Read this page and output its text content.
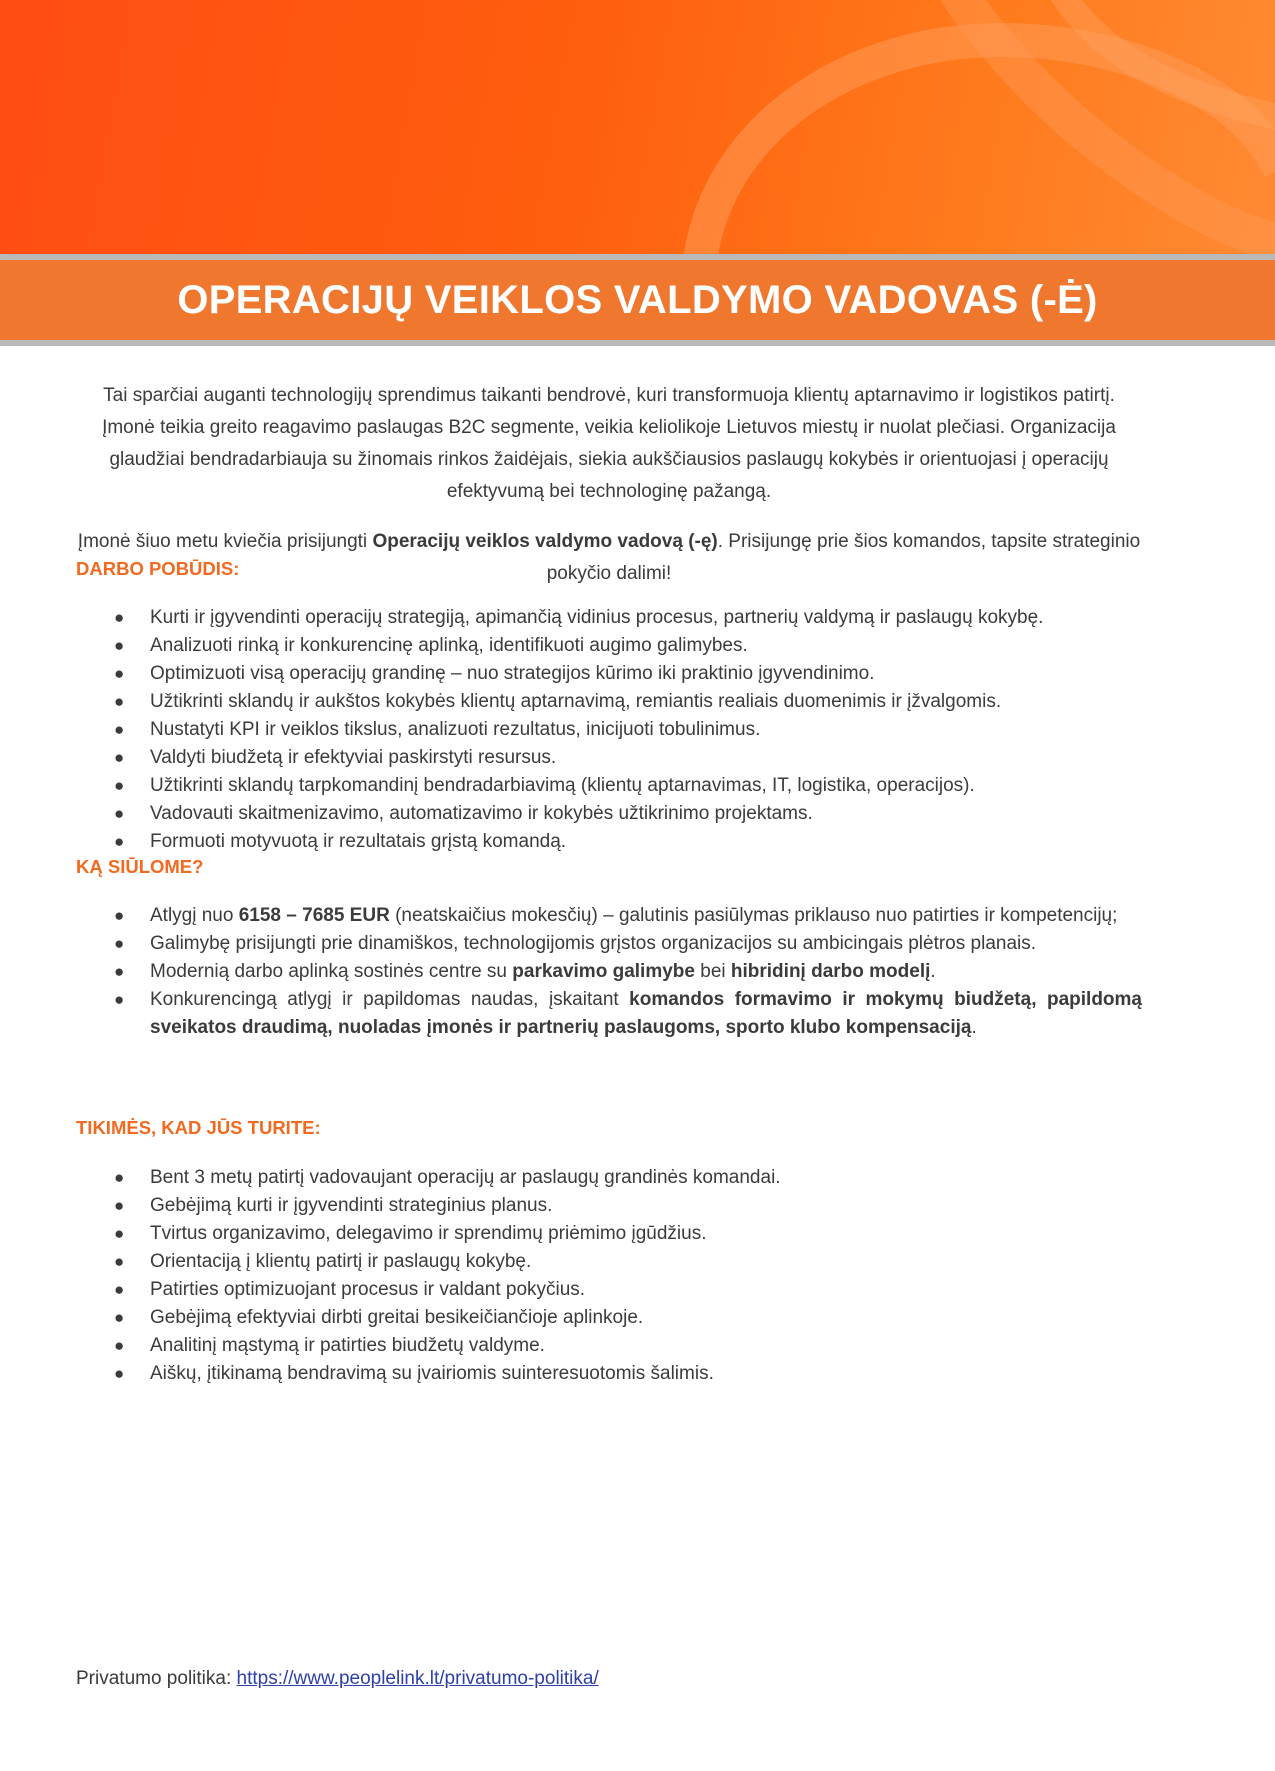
OPERACIJŲ VEIKLOS VALDYMO VADOVAS (-Ė)

Tai sparčiai auganti technologijų sprendimus taikanti bendrovė, kuri transformuoja klientų aptarnavimo ir logistikos patirtį. Įmonė teikia greito reagavimo paslaugas B2C segmente, veikia keliolikoje Lietuvos miestų ir nuolat plečiasi. Organizacija glaudžiai bendradarbiauja su žinomais rinkos žaidėjais, siekia aukščiausios paslaugų kokybės ir orientuojasi į operacijų efektyvumą bei technologinę pažangą.

Įmonė šiuo metu kviečia prisijungti Operacijų veiklos valdymo vadovą (-ę). Prisijungę prie šios komandos, tapsite strateginio pokyčio dalimi!

DARBO POBŪDIS:
● Kurti ir įgyvendinti operacijų strategiją, apimančią vidinius procesus, partnerių valdymą ir paslaugų kokybę.
● Analizuoti rinką ir konkurencinę aplinką, identifikuoti augimo galimybes.
● Optimizuoti visą operacijų grandinę – nuo strategijos kūrimo iki praktinio įgyvendinimo.
● Užtikrinti sklandų ir aukštos kokybės klientų aptarnavimą, remiantis realiais duomenimis ir įžvalgomis.
● Nustatyti KPI ir veiklos tikslus, analizuoti rezultatus, inicijuoti tobulinimus.
● Valdyti biudžetą ir efektyviai paskirstyti resursus.
● Užtikrinti sklandų tarpkomandinį bendradarbiavimą (klientų aptarnavimas, IT, logistika, operacijos).
● Vadovauti skaitmenizavimo, automatizavimo ir kokybės užtikrinimo projektams.
● Formuoti motyvuotą ir rezultatais grįstą komandą.
KĄ SIŪLOME?
● Atlygį nuo 6158 – 7685 EUR (neatskaičius mokesčių) – galutinis pasiūlymas priklauso nuo patirties ir kompetencijų;
● Galimybę prisijungti prie dinamiškos, technologijomis grįstos organizacijos su ambicingais plėtros planais.
● Modernią darbo aplinką sostinės centre su parkavimo galimybe bei hibridinį darbo modelį.
● Konkurencingą atlygį ir papildomas naudas, įskaitant komandos formavimo ir mokymų biudžetą, papildomą sveikatos draudimą, nuoladas įmonės ir partnerių paslaugoms, sporto klubo kompensaciją.
TIKIMĖS, KAD JŪS TURITE:
● Bent 3 metų patirtį vadovaujant operacijų ar paslaugų grandinės komandai.
● Gebėjimą kurti ir įgyvendinti strateginius planus.
● Tvirtus organizavimo, delegavimo ir sprendimų priėmimo įgūdžius.
● Orientaciją į klientų patirtį ir paslaugų kokybę.
● Patirties optimizuojant procesus ir valdant pokyčius.
● Gebėjimą efektyviai dirbti greitai besikeičiančioje aplinkoje.
● Analitinį mąstymą ir patirties biudžetų valdyme.
● Aiškų, įtikinamą bendravimą su įvairiomis suinteresuotomis šalimis.
Privatumo politika: https://www.peoplelink.lt/privatumo-politika/
